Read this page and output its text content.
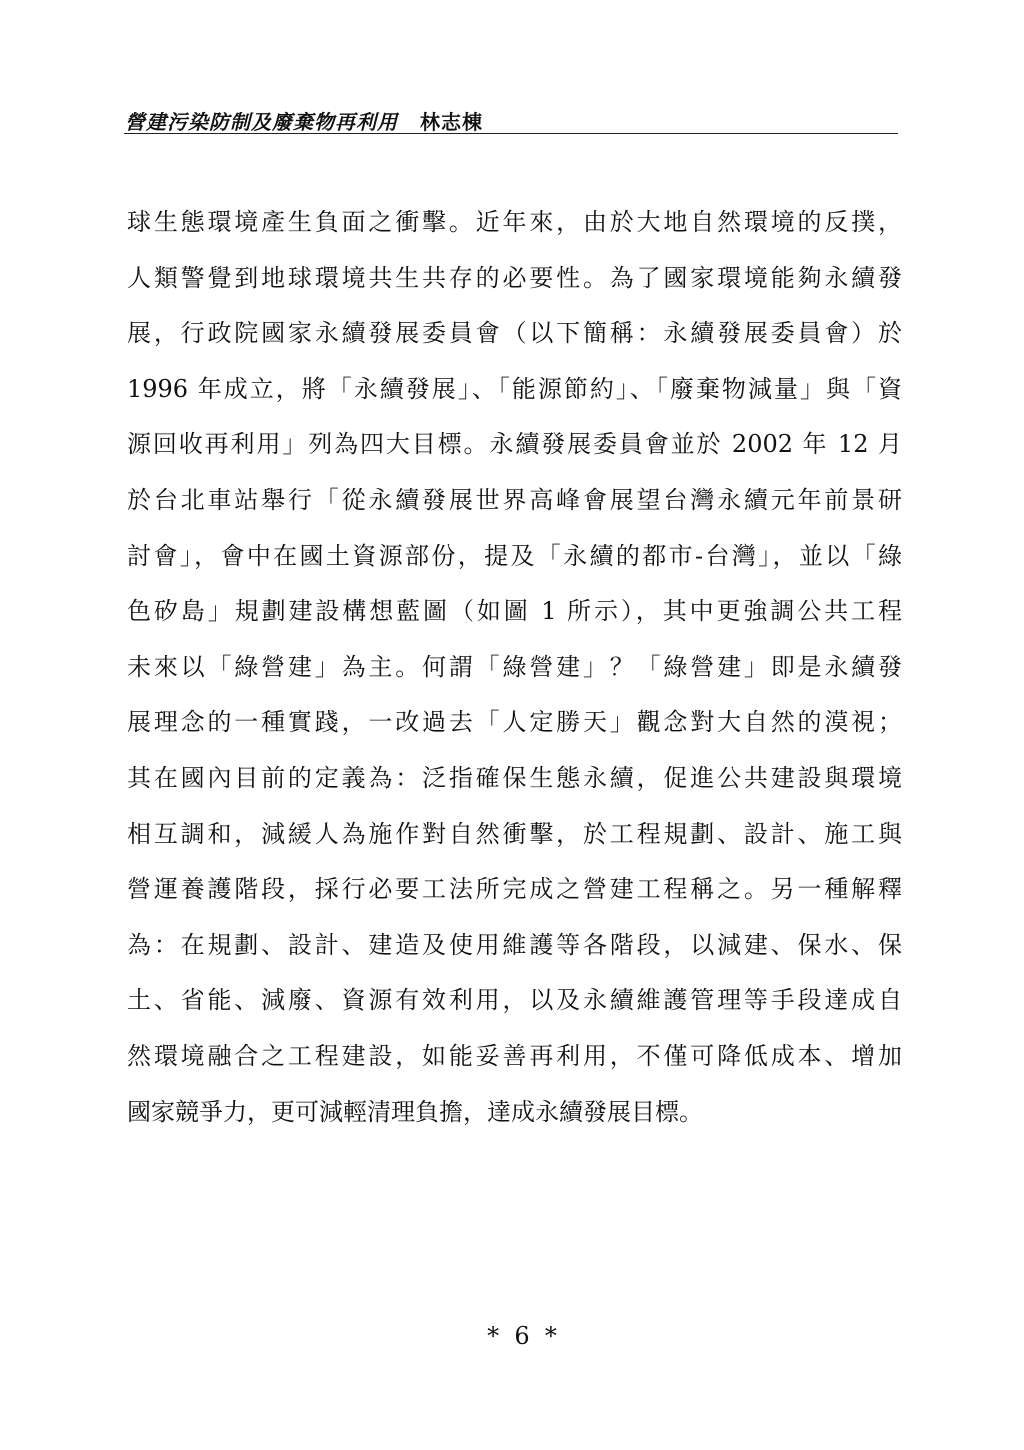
營建污染防制及廢棄物再利用 林志棟
球生態環境產生負面之衝擊。近年來，由於大地自然環境的反撲，
人類警覺到地球環境共生共存的必要性。為了國家環境能夠永續發
展，行政院國家永續發展委員會（以下簡稱：永續發展委員會）於
1996 年成立，將「永續發展」、「能源節約」、「廢棄物減量」與「資
源回收再利用」列為四大目標。永續發展委員會並於 2002 年 12 月
於台北車站舉行「從永續發展世界高峰會展望台灣永續元年前景研
討會」，會中在國土資源部份，提及「永續的都市-台灣」，並以「綠
色矽島」規劃建設構想藍圖（如圖 1 所示），其中更強調公共工程
未來以「綠營建」為主。何謂「綠營建」？「綠營建」即是永續發
展理念的一種實踐，一改過去「人定勝天」觀念對大自然的漠視；
其在國內目前的定義為：泛指確保生態永續，促進公共建設與環境
相互調和，減緩人為施作對自然衝擊，於工程規劃、設計、施工與
營運養護階段，採行必要工法所完成之營建工程稱之。另一種解釋
為：在規劃、設計、建造及使用維護等各階段，以減建、保水、保
土、省能、減廢、資源有效利用，以及永續維護管理等手段達成自
然環境融合之工程建設，如能妥善再利用，不僅可降低成本、增加
國家競爭力，更可減輕清理負擔，達成永續發展目標。
*  6  *
